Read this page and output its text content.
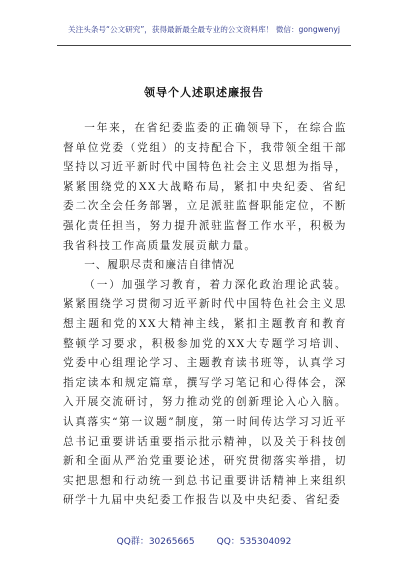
关注头条号“公文研究”，获得最新最全最专业的公文资料库！ 微信：gongwenyj
领导个人述职述廉报告

一年来，在省纪委监委的正确领导下，在综合监督单位党委（党组）的支持配合下，我带领全组干部坚持以习近平新时代中国特色社会主义思想为指导，紧紧围绕党的XX大战略布局，紧扣中央纪委、省纪委二次全会任务部署，立足派驻监督职能定位，不断强化责任担当，努力提升派驻监督工作水平，积极为我省科技工作高质量发展贡献力量。

一、履职尽责和廉洁自律情况

（一）加强学习教育，着力深化政治理论武装。紧紧围绕学习贯彻习近平新时代中国特色社会主义思想主题和党的XX大精神主线，紧扣主题教育和教育整顿学习要求，积极参加党的XX大专题学习培训、党委中心组理论学习、主题教育读书班等，认真学习指定读本和规定篇章，撰写学习笔记和心得体会，深入开展交流研讨，努力推动党的创新理论入心入脑。认真落实“第一议题”制度，第一时间传达学习习近平总书记重要讲话重要指示批示精神，以及关于科技创新和全面从严治党重要论述，研究贯彻落实举措，切实把思想和行动统一到总书记重要讲话精神上来组织研学十九届中央纪委工作报告以及中央纪委、省纪委

QQ群：30265665 QQ：535304092
